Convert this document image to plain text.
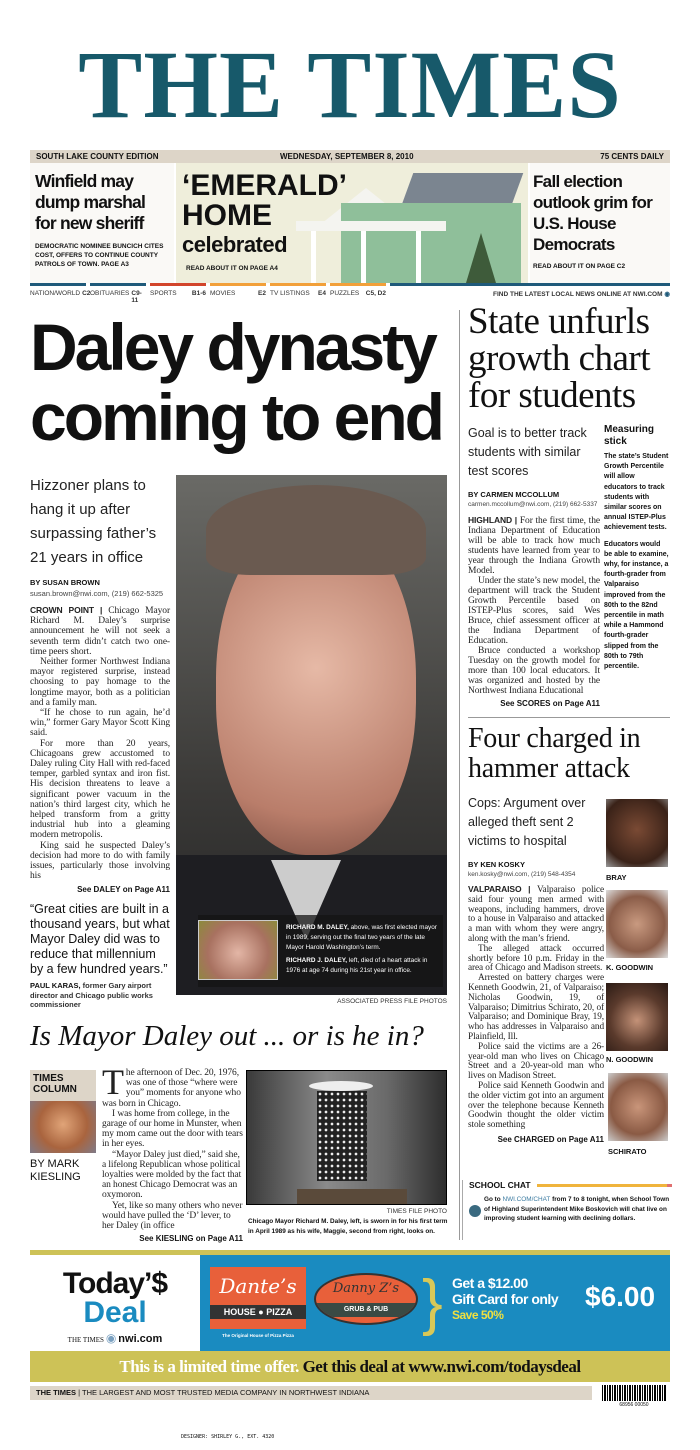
THE TIMES
SOUTH LAKE COUNTY EDITION	WEDNESDAY, SEPTEMBER 8, 2010	75 CENTS DAILY
Winfield may dump marshal for new sheriff
DEMOCRATIC NOMINEE BUNCICH CITES COST, OFFERS TO CONTINUE COUNTY PATROLS OF TOWN. PAGE A3
‘EMERALD’
HOME
celebrated
READ ABOUT IT ON PAGE A4
Fall election outlook grim for U.S. House Democrats
READ ABOUT IT ON PAGE C2
NATION/WORLD C2 OBITUARIES C9-11
SPORTS B1-6 MOVIES	E2 TV LISTINGS E4 PUZZLES C5, D2	FIND THE LATEST LOCAL NEWS ONLINE AT NWI.COM ◉
Daley dynasty coming to end
Hizzoner plans to hang it up after surpassing father’s 21 years in office
BY SUSAN BROWN
susan.brown@nwi.com, (219) 662-5325

CROWN POINT | Chicago Mayor Richard M. Daley’s surprise announcement he will not seek a seventh term didn’t catch two one-time peers short.

Neither former Northwest Indiana mayor registered surprise, instead choosing to pay homage to the longtime mayor, both as a politician and a family man.

“If he chose to run again, he’d win,” former Gary Mayor Scott King said.

For more than 20 years, Chicagoans grew accustomed to Daley ruling City Hall with red-faced temper, garbled syntax and iron fist. His decision threatens to leave a significant power vacuum in the nation’s third largest city, which he helped transform from a gritty industrial hub into a gleaming modern metropolis.

King said he suspected Daley’s decision had more to do with family issues, particularly those involving his

See DALEY on Page A11
“Great cities are built in a thousand years, but what Mayor Daley did was to reduce that millennium by a few hundred years.”
PAUL KARAS, former Gary airport director and Chicago public works commissioner
RICHARD M. DALEY, above, was first elected mayor in 1989, serving out the final two years of the late Mayor Harold Washington’s term.
RICHARD J. DALEY, left, died of a heart attack in 1976 at age 74 during his 21st year in office.
ASSOCIATED PRESS FILE PHOTOS
Is Mayor Daley out ... or is he in?
TIMES COLUMN
BY MARK KIESLING

The afternoon of Dec. 20, 1976, was one of those “where were you” moments for anyone who was born in Chicago.

I was home from college, in the garage of our home in Munster, when my mom came out the door with tears in her eyes.

“Mayor Daley just died,” said she, a lifelong Republican whose political loyalties were molded by the fact that an honest Chicago Democrat was an oxymoron.

Yet, like so many others who never would have pulled the ‘D’ lever, to her Daley (in office

See KIESLING on Page A11
TIMES FILE PHOTO
Chicago Mayor Richard M. Daley, left, is sworn in for his first term in April 1989 as his wife, Maggie, second from right, looks on.
State unfurls growth chart for students
Goal is to better track students with similar test scores
BY CARMEN MCCOLLUM
carmen.mccollum@nwi.com, (219) 662-5337

HIGHLAND | For the first time, the Indiana Department of Education will be able to track how much students have learned from year to year through the Indiana Growth Model.

Under the state’s new model, the department will track the Student Growth Percentile based on ISTEP-Plus scores, said Wes Bruce, chief assessment officer at the Indiana Department of Education.

Bruce conducted a workshop Tuesday on the growth model for more than 100 local educators. It was organized and hosted by the Northwest Indiana Educational

See SCORES on Page A11
Measuring stick
The state’s Student Growth Percentile will allow educators to track students with similar scores on annual ISTEP-Plus achievement tests.
Educators would be able to examine, why, for instance, a fourth-grader from Valparaiso improved from the 80th to the 82nd percentile in math while a Hammond fourth-grader slipped from the 80th to 79th percentile.
Four charged in hammer attack
Cops: Argument over alleged theft sent 2 victims to hospital
BY KEN KOSKY
ken.kosky@nwi.com, (219) 548-4354

VALPARAISO | Valparaiso police said four young men armed with weapons, including hammers, drove to a house in Valparaiso and attacked a man with whom they were angry, along with the man’s friend.

The alleged attack occurred shortly before 10 p.m. Friday in the area of Chicago and Madison streets.

Arrested on battery charges were Kenneth Goodwin, 21, of Valparaiso; Nicholas Goodwin, 19, of Valparaiso; Dimitrius Schirato, 20, of Valparaiso; and Dominique Bray, 19, who has addresses in Valparaiso and Plainfield, Ill.

Police said the victims are a 26-year-old man who lives on Chicago Street and a 20-year-old man who lives on Madison Street.

Police said Kenneth Goodwin and the older victim got into an argument over the telephone because Kenneth Goodwin thought the older victim stole something

See CHARGED on Page A11
BRAY
K. GOODWIN
N. GOODWIN
SCHIRATO
SCHOOL CHAT
Go to NWI.COM/CHAT from 7 to 8 tonight, when School Town of Highland Superintendent Mike Boskovich will chat live on improving student learning with declining dollars.
Today’$
Deal
THE TIMES ◉ nwi.com
Dante’s
HOUSE ● PIZZA
The Original House of Pizza Pizza
Danny Z’s
GRUB & PUB } Get a $12.00
Gift Card for only
Save 50%
$6.00
This is a limited time offer. Get this deal at www.nwi.com/todaysdeal
THE TIMES | THE LARGEST AND MOST TRUSTED MEDIA COMPANY IN NORTHWEST INDIANA
68956 00050
DESIGNER: SHIRLEY G., EXT. 4320
